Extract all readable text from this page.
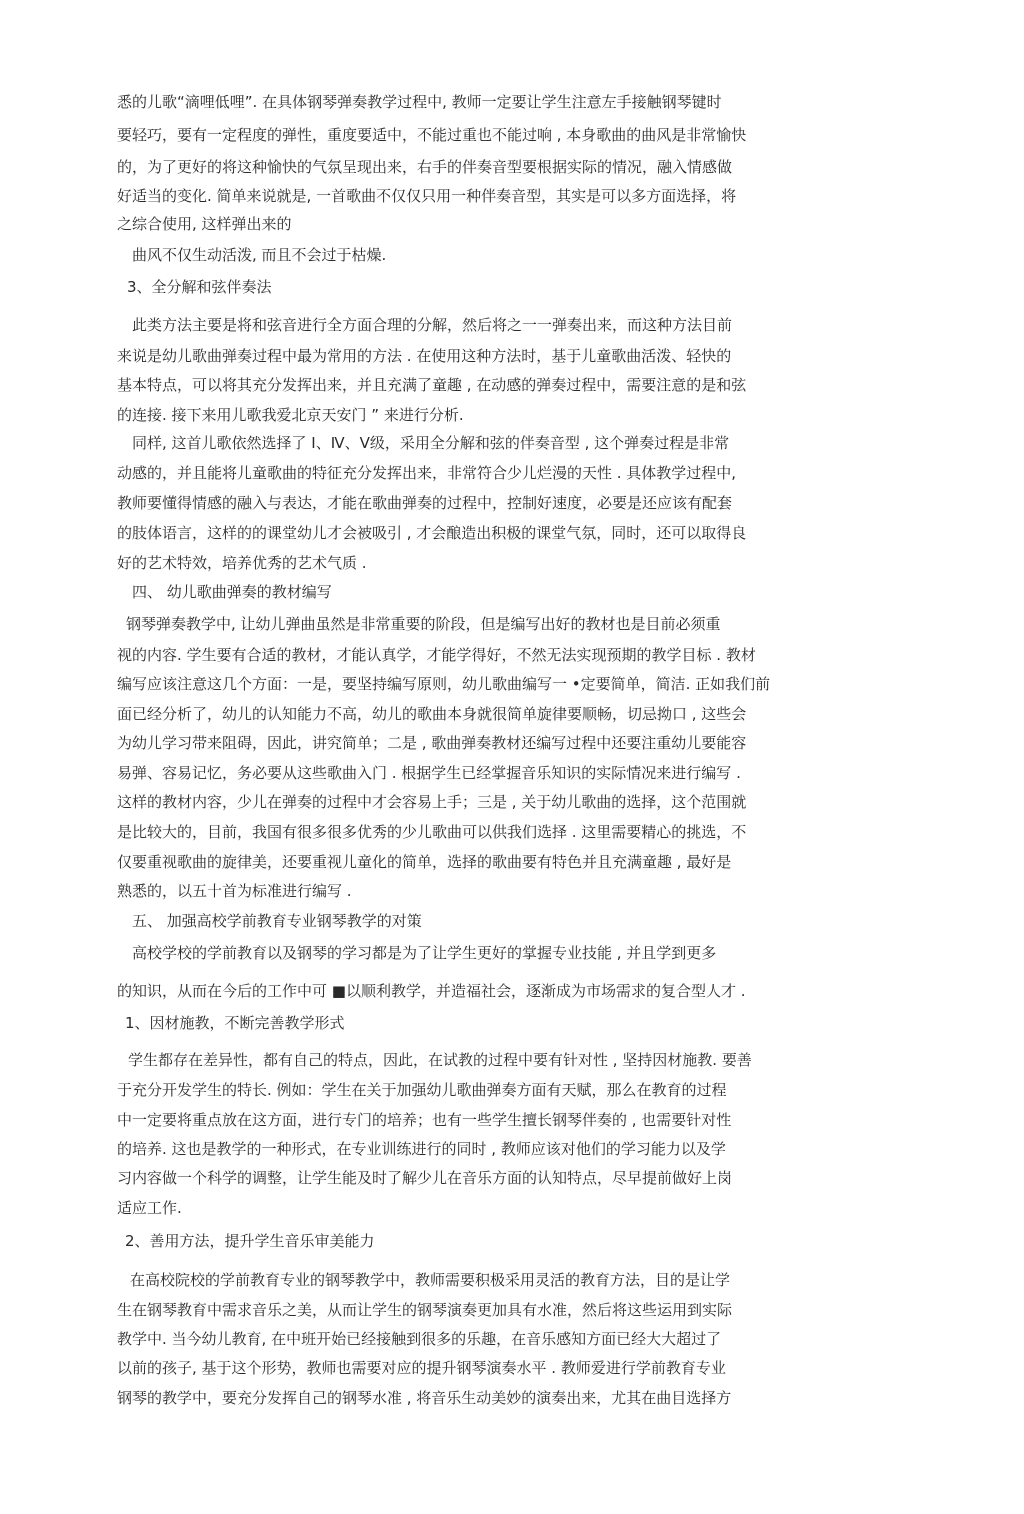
悉的儿歌“滴哩低哩”. 在具体钢琴弹奏教学过程中, 教师一定要让学生注意左手接触钢琴键时
要轻巧，要有一定程度的弹性，重度要适中，不能过重也不能过响 , 本身歌曲的曲风是非常愉快
的，为了更好的将这种愉快的气氛呈现出来，右手的伴奏音型要根据实际的情况，融入情感做
好适当的变化. 简单来说就是, 一首歌曲不仅仅只用一种伴奏音型，其实是可以多方面选择，将
之综合使用, 这样弹出来的
曲风不仅生动活泼, 而且不会过于枯燥.
3、全分解和弦伴奏法
此类方法主要是将和弦音进行全方面合理的分解，然后将之一一弹奏出来，而这种方法目前
来说是幼儿歌曲弹奏过程中最为常用的方法 . 在使用这种方法时，基于儿童歌曲活泼、轻快的
基本特点，可以将其充分发挥出来，并且充满了童趣 , 在动感的弹奏过程中，需要注意的是和弦
的连接. 接下来用儿歌我爱北京天安门 ” 来进行分析.
同样, 这首儿歌依然选择了 Ⅰ、Ⅳ、Ⅴ级，采用全分解和弦的伴奏音型 , 这个弹奏过程是非常
动感的，并且能将儿童歌曲的特征充分发挥出来，非常符合少儿烂漫的天性 . 具体教学过程中,
教师要懂得情感的融入与表达，才能在歌曲弹奏的过程中，控制好速度，必要是还应该有配套
的肢体语言，这样的的课堂幼儿才会被吸引 , 才会酿造出积极的课堂气氛，同时，还可以取得良
好的艺术特效，培养优秀的艺术气质 .
四、 幼儿歌曲弹奏的教材编写
钢琴弹奏教学中, 让幼儿弹曲虽然是非常重要的阶段，但是编写出好的教材也是目前必须重
视的内容. 学生要有合适的教材，才能认真学，才能学得好，不然无法实现预期的教学目标 . 教材
编写应该注意这几个方面：一是，要坚持编写原则，幼儿歌曲编写一 •定要简单，简洁. 正如我们前
面已经分析了，幼儿的认知能力不高，幼儿的歌曲本身就很简单旋律要顺畅，切忌拗口 , 这些会
为幼儿学习带来阻碍，因此，讲究简单；二是 , 歌曲弹奏教材还编写过程中还要注重幼儿要能容
易弹、容易记忆，务必要从这些歌曲入门 . 根据学生已经掌握音乐知识的实际情况来进行编写 .
这样的教材内容，少儿在弹奏的过程中才会容易上手；三是 , 关于幼儿歌曲的选择，这个范围就
是比较大的，目前，我国有很多很多优秀的少儿歌曲可以供我们选择 . 这里需要精心的挑选，不
仅要重视歌曲的旋律美，还要重视儿童化的简单，选择的歌曲要有特色并且充满童趣 , 最好是
熟悉的，以五十首为标准进行编写 .
五、 加强高校学前教育专业钢琴教学的对策
高校学校的学前教育以及钢琴的学习都是为了让学生更好的掌握专业技能 , 并且学到更多
的知识，从而在今后的工作中可 ■以顺利教学，并造福社会，逐渐成为市场需求的复合型人才 .
1、因材施教，不断完善教学形式
学生都存在差异性，都有自己的特点，因此，在试教的过程中要有针对性 , 坚持因材施教. 要善
于充分开发学生的特长. 例如：学生在关于加强幼儿歌曲弹奏方面有天赋，那么在教育的过程
中一定要将重点放在这方面，进行专门的培养；也有一些学生擅长钢琴伴奏的 , 也需要针对性
的培养. 这也是教学的一种形式，在专业训练进行的同时 , 教师应该对他们的学习能力以及学
习内容做一个科学的调整，让学生能及时了解少儿在音乐方面的认知特点，尽早提前做好上岗
适应工作.
2、善用方法，提升学生音乐审美能力
在高校院校的学前教育专业的钢琴教学中，教师需要积极采用灵活的教育方法，目的是让学
生在钢琴教育中需求音乐之美，从而让学生的钢琴演奏更加具有水准，然后将这些运用到实际
教学中. 当今幼儿教育, 在中班开始已经接触到很多的乐趣，在音乐感知方面已经大大超过了
以前的孩子, 基于这个形势，教师也需要对应的提升钢琴演奏水平 . 教师爱进行学前教育专业
钢琴的教学中，要充分发挥自己的钢琴水准 , 将音乐生动美妙的演奏出来，尤其在曲目选择方
